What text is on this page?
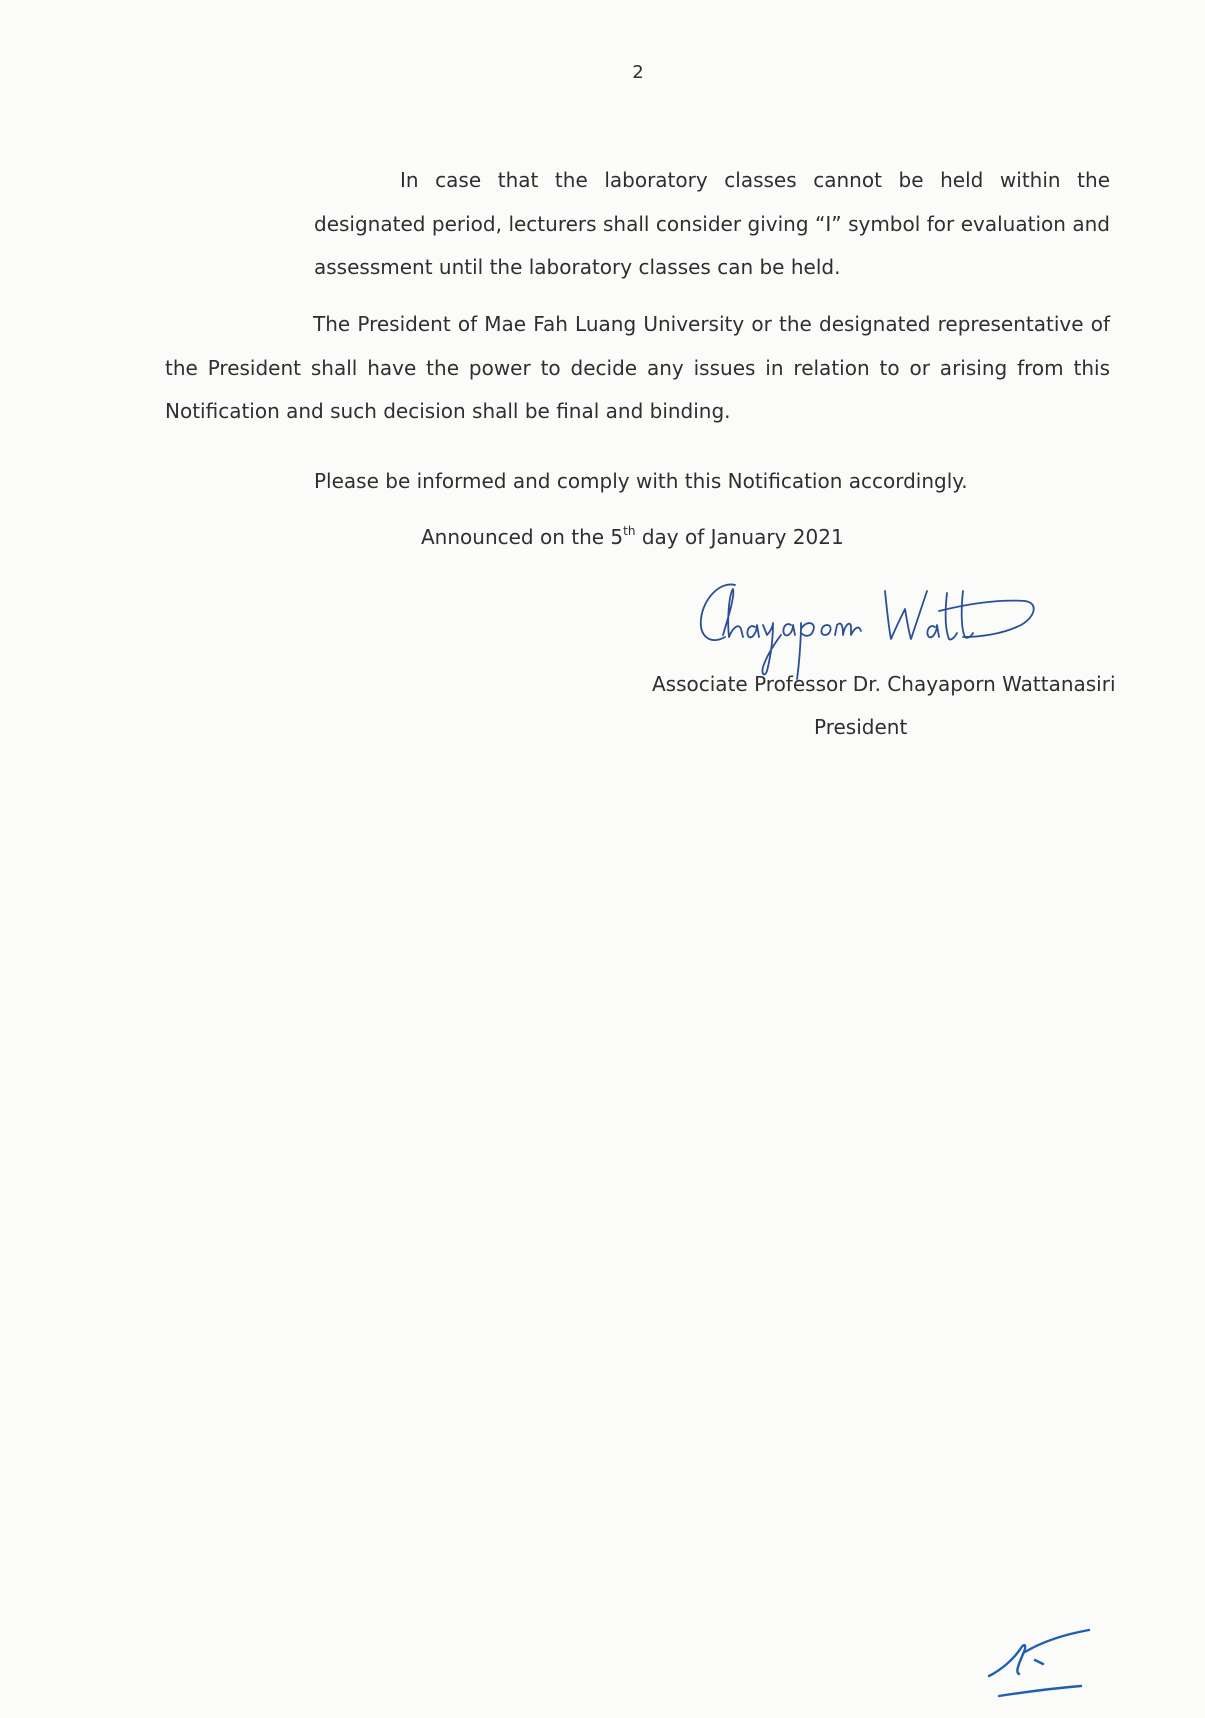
2

In case that the laboratory classes cannot be held within the designated period, lecturers shall consider giving “I” symbol for evaluation and assessment until the laboratory classes can be held.

The President of Mae Fah Luang University or the designated representative of the President shall have the power to decide any issues in relation to or arising from this Notification and such decision shall be final and binding.

Please be informed and comply with this Notification accordingly.

Announced on the 5th day of January 2021

Associate Professor Dr. Chayaporn Wattanasiri
President
